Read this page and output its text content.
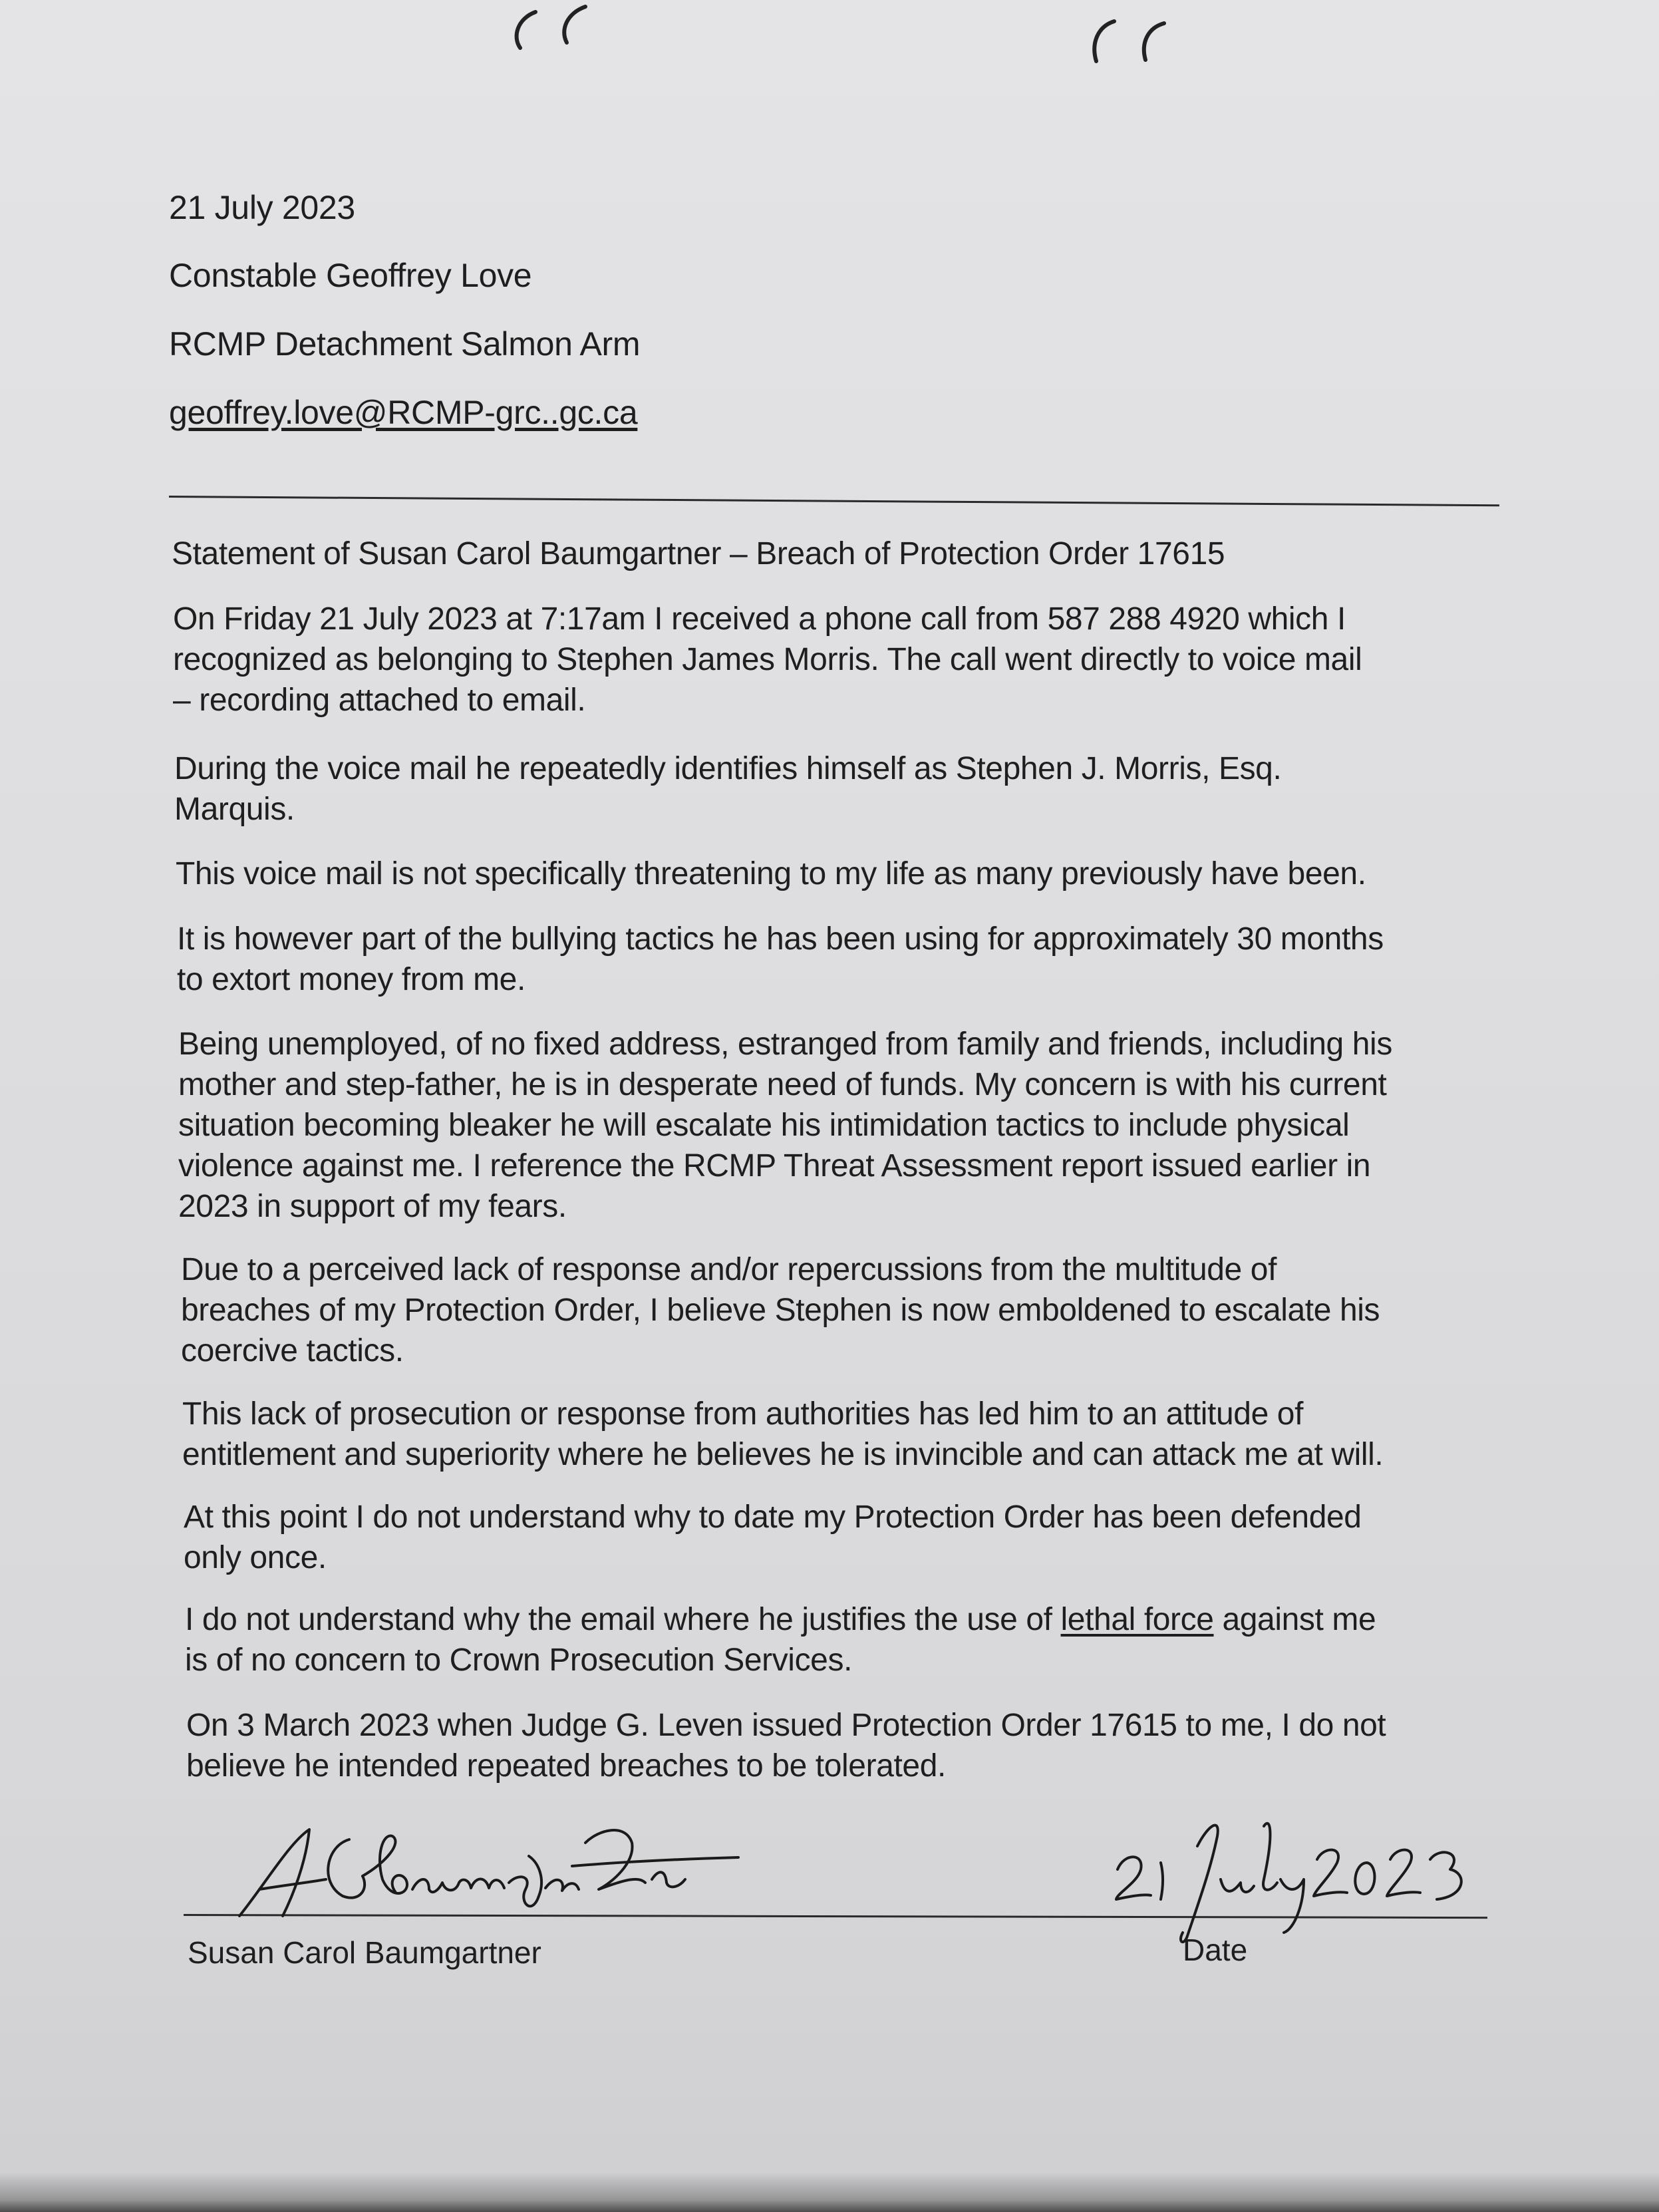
21 July 2023
Constable Geoffrey Love
RCMP Detachment Salmon Arm
geoffrey.love@RCMP-grc..gc.ca
Statement of Susan Carol Baumgartner – Breach of Protection Order 17615
On Friday 21 July 2023 at 7:17am I received a phone call from 587 288 4920 which I
recognized as belonging to Stephen James Morris. The call went directly to voice mail
– recording attached to email.
During the voice mail he repeatedly identifies himself as Stephen J. Morris, Esq.
Marquis.
This voice mail is not specifically threatening to my life as many previously have been.
It is however part of the bullying tactics he has been using for approximately 30 months
to extort money from me.
Being unemployed, of no fixed address, estranged from family and friends, including his
mother and step-father, he is in desperate need of funds. My concern is with his current
situation becoming bleaker he will escalate his intimidation tactics to include physical
violence against me. I reference the RCMP Threat Assessment report issued earlier in
2023 in support of my fears.
Due to a perceived lack of response and/or repercussions from the multitude of
breaches of my Protection Order, I believe Stephen is now emboldened to escalate his
coercive tactics.
This lack of prosecution or response from authorities has led him to an attitude of
entitlement and superiority where he believes he is invincible and can attack me at will.
At this point I do not understand why to date my Protection Order has been defended
only once.
I do not understand why the email where he justifies the use of lethal force against me
is of no concern to Crown Prosecution Services.
On 3 March 2023 when Judge G. Leven issued Protection Order 17615 to me, I do not
believe he intended repeated breaches to be tolerated.
Susan Carol Baumgartner	Date
